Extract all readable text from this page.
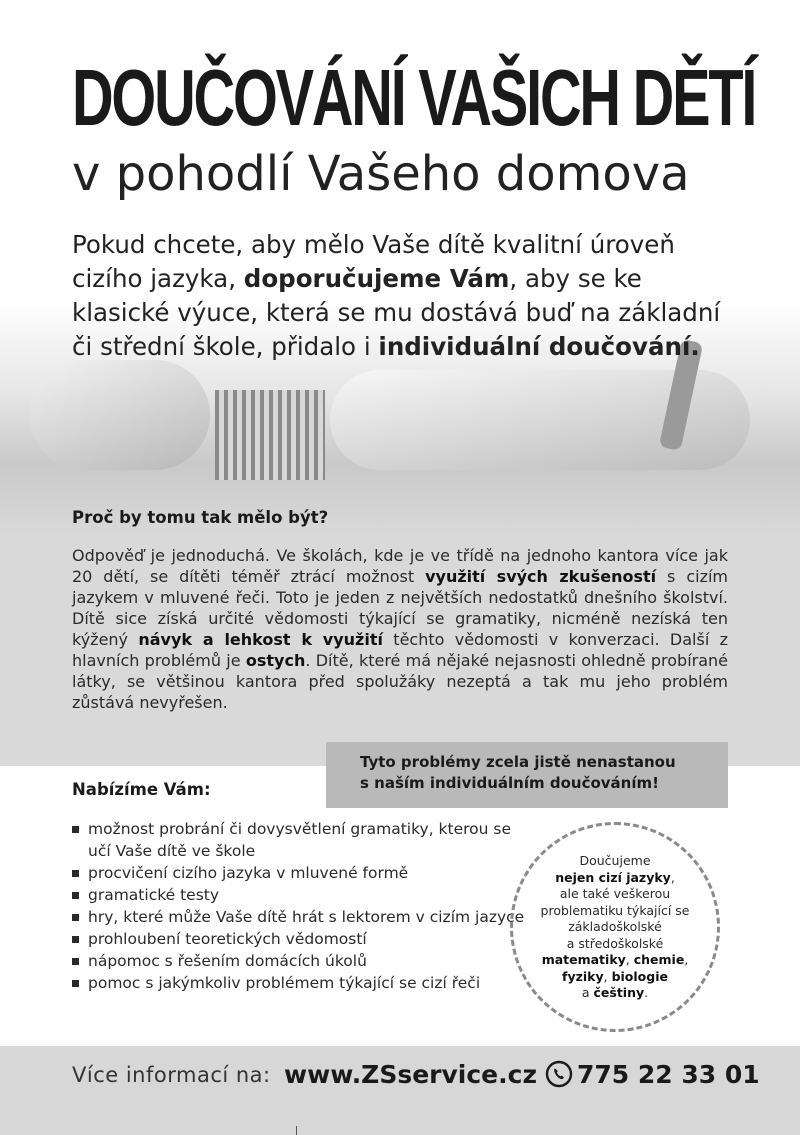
DOUČOVÁNÍ VAŠICH DĚTÍ
v pohodlí Vašeho domova
Pokud chcete, aby mělo Vaše dítě kvalitní úroveň cizího jazyka, doporučujeme Vám, aby se ke klasické výuce, která se mu dostává buď na základní či střední škole, přidalo i individuální doučování.
Proč by tomu tak mělo být?
Odpověď je jednoduchá. Ve školách, kde je ve třídě na jednoho kantora více jak 20 dětí, se dítěti téměř ztrácí možnost využití svých zkušeností s cizím jazykem v mluvené řeči. Toto je jeden z největších nedostatků dnešního školství. Dítě sice získá určité vědomosti týkající se gramatiky, nicméně nezíská ten kýžený návyk a lehkost k využití těchto vědomosti v konverzaci. Další z hlavních problémů je ostych. Dítě, které má nějaké nejasnosti ohledně probírané látky, se většinou kantora před spolužáky nezeptá a tak mu jeho problém zůstává nevyřešen.
Tyto problémy zcela jistě nenastanou
s naším individuálním doučováním!
Nabízíme Vám:
možnost probrání či dovysvětlení gramatiky, kterou se učí Vaše dítě ve škole
procvičení cizího jazyka v mluvené formě
gramatické testy
hry, které může Vaše dítě hrát s lektorem v cizím jazyce
prohloubení teoretických vědomostí
nápomoc s řešením domácích úkolů
pomoc s jakýmkoliv problémem týkající se cizí řeči
Doučujeme
nejen cizí jazyky,
ale také veškerou
problematiku týkající se
základoškolské
a středoškolské
matematiky, chemie,
fyziky, biologie
a češtiny.
Více informací na: www.ZSservice.cz 775 22 33 01
